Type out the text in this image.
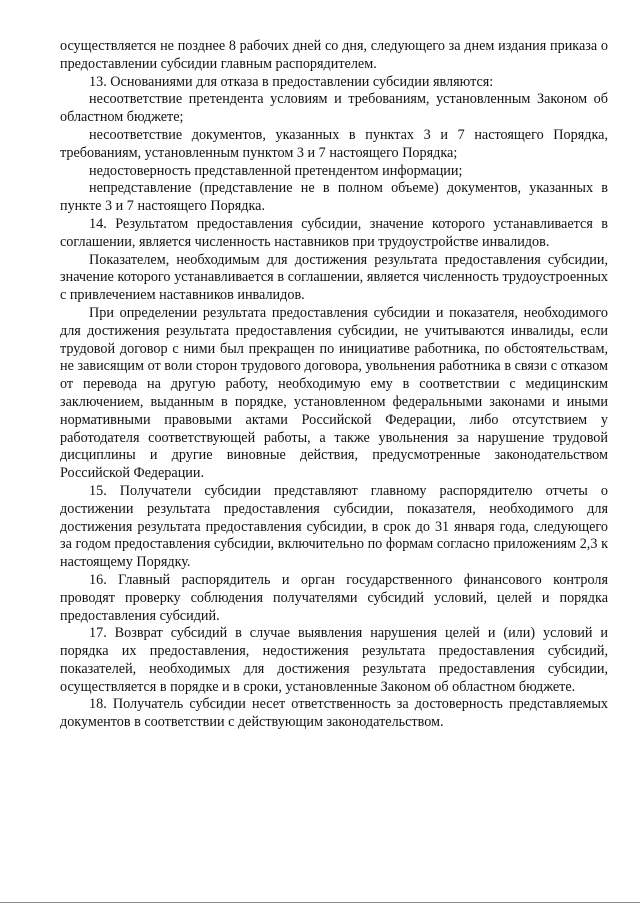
осуществляется не позднее 8 рабочих дней со дня, следующего за днем издания приказа о предоставлении субсидии главным распорядителем.

13. Основаниями для отказа в предоставлении субсидии являются:

несоответствие претендента условиям и требованиям, установленным Законом об областном бюджете;

несоответствие документов, указанных в пунктах 3 и 7 настоящего Порядка, требованиям, установленным пунктом 3 и 7 настоящего Порядка;

недостоверность представленной претендентом информации;

непредставление (представление не в полном объеме) документов, указанных в пункте 3 и 7 настоящего Порядка.

14. Результатом предоставления субсидии, значение которого устанавливается в соглашении, является численность наставников при трудоустройстве инвалидов.

Показателем, необходимым для достижения результата предоставления субсидии, значение которого устанавливается в соглашении, является численность трудоустроенных с привлечением наставников инвалидов.

При определении результата предоставления субсидии и показателя, необходимого для достижения результата предоставления субсидии, не учитываются инвалиды, если трудовой договор с ними был прекращен по инициативе работника, по обстоятельствам, не зависящим от воли сторон трудового договора, увольнения работника в связи с отказом от перевода на другую работу, необходимую ему в соответствии с медицинским заключением, выданным в порядке, установленном федеральными законами и иными нормативными правовыми актами Российской Федерации, либо отсутствием у работодателя соответствующей работы, а также увольнения за нарушение трудовой дисциплины и другие виновные действия, предусмотренные законодательством Российской Федерации.

15. Получатели субсидии представляют главному распорядителю отчеты о достижении результата предоставления субсидии, показателя, необходимого для достижения результата предоставления субсидии, в срок до 31 января года, следующего за годом предоставления субсидии, включительно по формам согласно приложениям 2,3 к настоящему Порядку.

16. Главный распорядитель и орган государственного финансового контроля проводят проверку соблюдения получателями субсидий условий, целей и порядка предоставления субсидий.

17. Возврат субсидий в случае выявления нарушения целей и (или) условий и порядка их предоставления, недостижения результата предоставления субсидий, показателей, необходимых для достижения результата предоставления субсидии, осуществляется в порядке и в сроки, установленные Законом об областном бюджете.

18. Получатель субсидии несет ответственность за достоверность представляемых документов в соответствии с действующим законодательством.
